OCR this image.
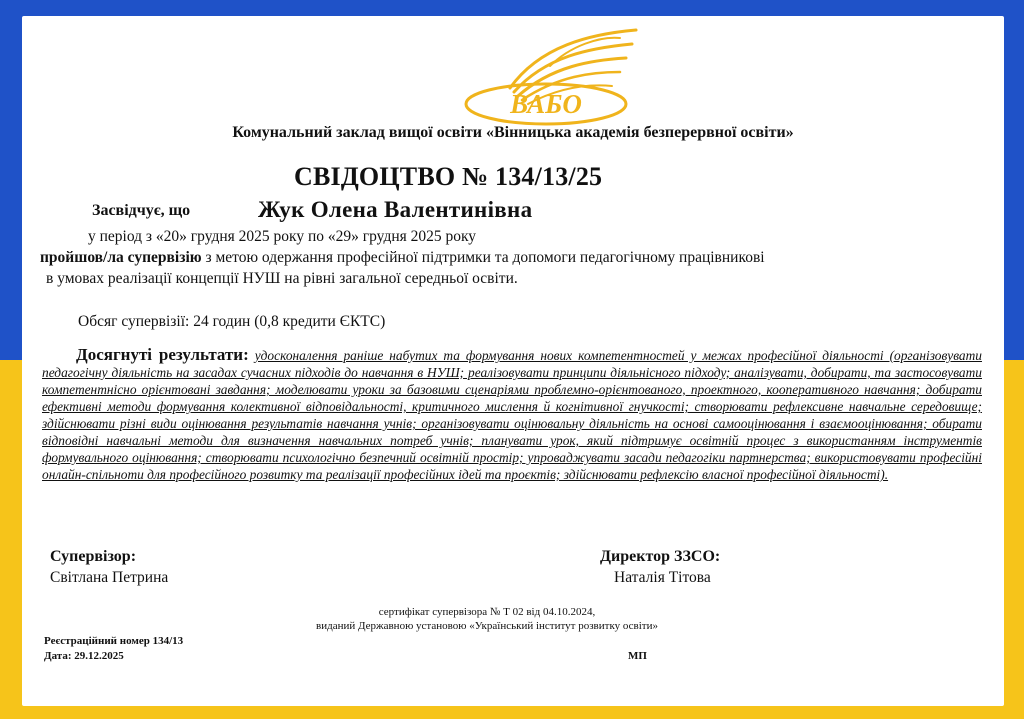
ВАБО
Комунальний заклад вищої освіти «Вінницька академія безперервної освіти»
СВІДОЦТВО № 134/13/25
Засвідчує, що	Жук Олена Валентинівна
у період з «20» грудня 2025 року по «29» грудня 2025 року
пройшов/ла супервізію з метою одержання професійної підтримки та допомоги педагогічному працівникові
в умовах реалізації концепції НУШ на рівні загальної середньої освіти.
Обсяг супервізії: 24 годин (0,8 кредити ЄКТС)
Досягнуті результати: удосконалення раніше набутих та формування нових компетентностей у межах професійної діяльності (організовувати педагогічну діяльність на засадах сучасних підходів до навчання в НУШ; реалізовувати принципи діяльнісного підходу; аналізувати, добирати, та застосовувати компетентнісно орієнтовані завдання; моделювати уроки за базовими сценаріями проблемно-орієнтованого, проектного, кооперативного навчання; добирати ефективні методи формування колективної відповідальності, критичного мислення й когнітивної гнучкості; створювати рефлексивне навчальне середовище; здійснювати різні види оцінювання результатів навчання учнів; організовувати оцінювальну діяльність на основі самооцінювання і взаємооцінювання; обирати відповідні навчальні методи для визначення навчальних потреб учнів; планувати урок, який підтримує освітній процес з використанням інструментів формувального оцінювання; створювати психологічно безпечний освітній простір; упроваджувати засади педагогіки партнерства; використовувати професійні онлайн-спільноти для професійного розвитку та реалізації професійних ідей та проєктів; здійснювати рефлексію власної професійної діяльності).
Супервізор:
Світлана Петрина
Директор ЗЗСО:
Наталія Тітова
сертифікат супервізора № Т 02 від 04.10.2024,
виданий Державною установою «Український інститут розвитку освіти»
Реєстраційний номер 134/13
Дата: 29.12.2025	МП
